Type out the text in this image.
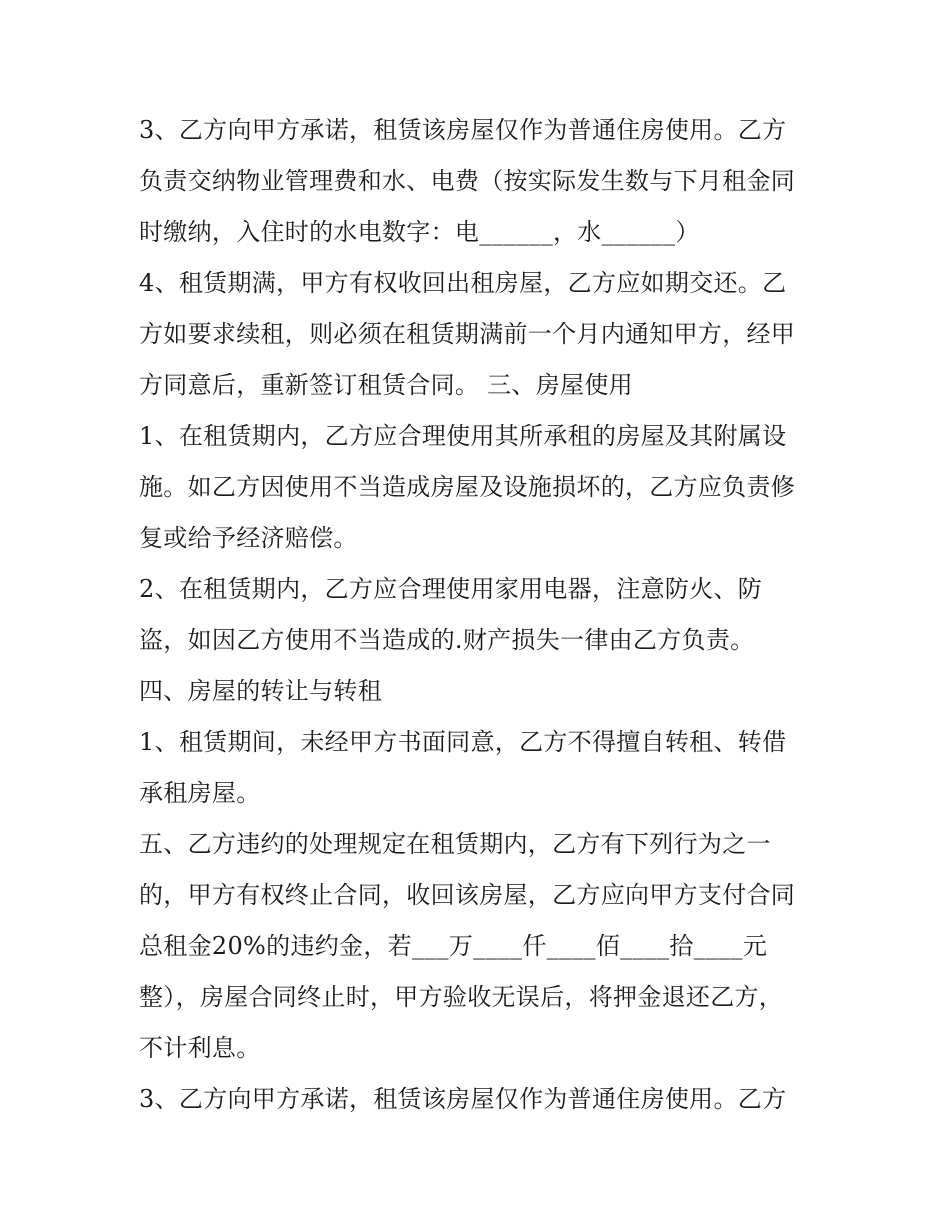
3、乙方向甲方承诺，租赁该房屋仅作为普通住房使用。乙方
负责交纳物业管理费和水、电费（按实际发生数与下月租金同
时缴纳，入住时的水电数字：电______，水______）
4、租赁期满，甲方有权收回出租房屋，乙方应如期交还。乙
方如要求续租，则必须在租赁期满前一个月内通知甲方，经甲
方同意后，重新签订租赁合同。 三、房屋使用
1、在租赁期内，乙方应合理使用其所承租的房屋及其附属设
施。如乙方因使用不当造成房屋及设施损坏的，乙方应负责修
复或给予经济赔偿。
2、在租赁期内，乙方应合理使用家用电器，注意防火、防
盗，如因乙方使用不当造成的.财产损失一律由乙方负责。
四、房屋的转让与转租
1、租赁期间，未经甲方书面同意，乙方不得擅自转租、转借
承租房屋。
五、乙方违约的处理规定在租赁期内，乙方有下列行为之一
的，甲方有权终止合同，收回该房屋，乙方应向甲方支付合同
总租金20%的违约金，若___万____仟____佰____拾____元
整），房屋合同终止时，甲方验收无误后，将押金退还乙方，
不计利息。
3、乙方向甲方承诺，租赁该房屋仅作为普通住房使用。乙方
